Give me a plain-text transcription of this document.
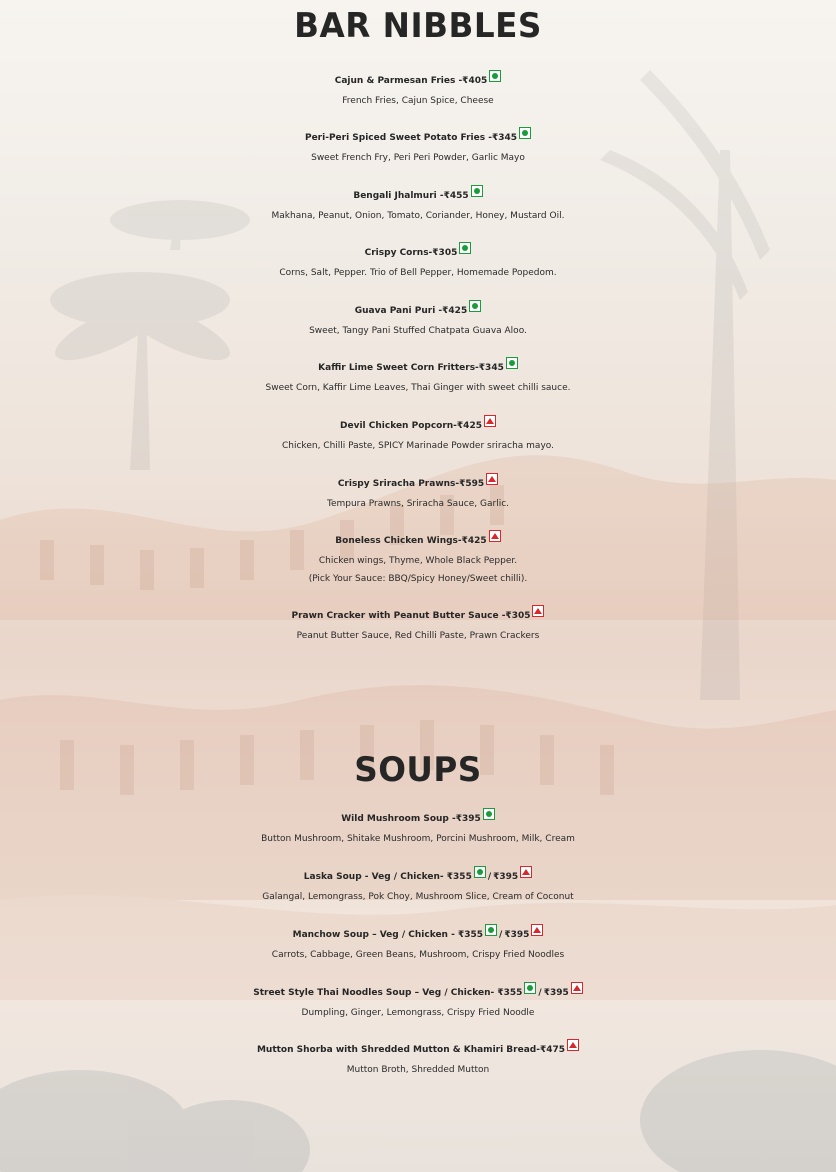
BAR NIBBLES
Cajun & Parmesan Fries -₹405
French Fries, Cajun Spice, Cheese
Peri-Peri Spiced Sweet Potato Fries -₹345
Sweet French Fry, Peri Peri Powder, Garlic Mayo
Bengali Jhalmuri -₹455
Makhana, Peanut, Onion, Tomato, Coriander, Honey, Mustard Oil.
Crispy Corns-₹305
Corns, Salt, Pepper. Trio of Bell Pepper, Homemade Popedom.
Guava Pani Puri -₹425
Sweet, Tangy Pani Stuffed Chatpata Guava Aloo.
Kaffir Lime Sweet Corn Fritters-₹345
Sweet Corn, Kaffir Lime Leaves, Thai Ginger with sweet chilli sauce.
Devil Chicken Popcorn-₹425
Chicken, Chilli Paste, SPICY Marinade Powder sriracha mayo.
Crispy Sriracha Prawns-₹595
Tempura Prawns, Sriracha Sauce, Garlic.
Boneless Chicken Wings-₹425
Chicken wings, Thyme, Whole Black Pepper.
(Pick Your Sauce: BBQ/Spicy Honey/Sweet chilli).
Prawn Cracker with Peanut Butter Sauce -₹305
Peanut Butter Sauce, Red Chilli Paste, Prawn Crackers
SOUPS
Wild Mushroom Soup -₹395
Button Mushroom, Shitake Mushroom, Porcini Mushroom, Milk, Cream
Laska Soup - Veg / Chicken- ₹355 / ₹395
Galangal, Lemongrass, Pok Choy, Mushroom Slice, Cream of Coconut
Manchow Soup – Veg / Chicken - ₹355 / ₹395
Carrots, Cabbage, Green Beans, Mushroom, Crispy Fried Noodles
Street Style Thai Noodles Soup – Veg / Chicken- ₹355 / ₹395
Dumpling, Ginger, Lemongrass, Crispy Fried Noodle
Mutton Shorba with Shredded Mutton & Khamiri Bread-₹475
Mutton Broth, Shredded Mutton
